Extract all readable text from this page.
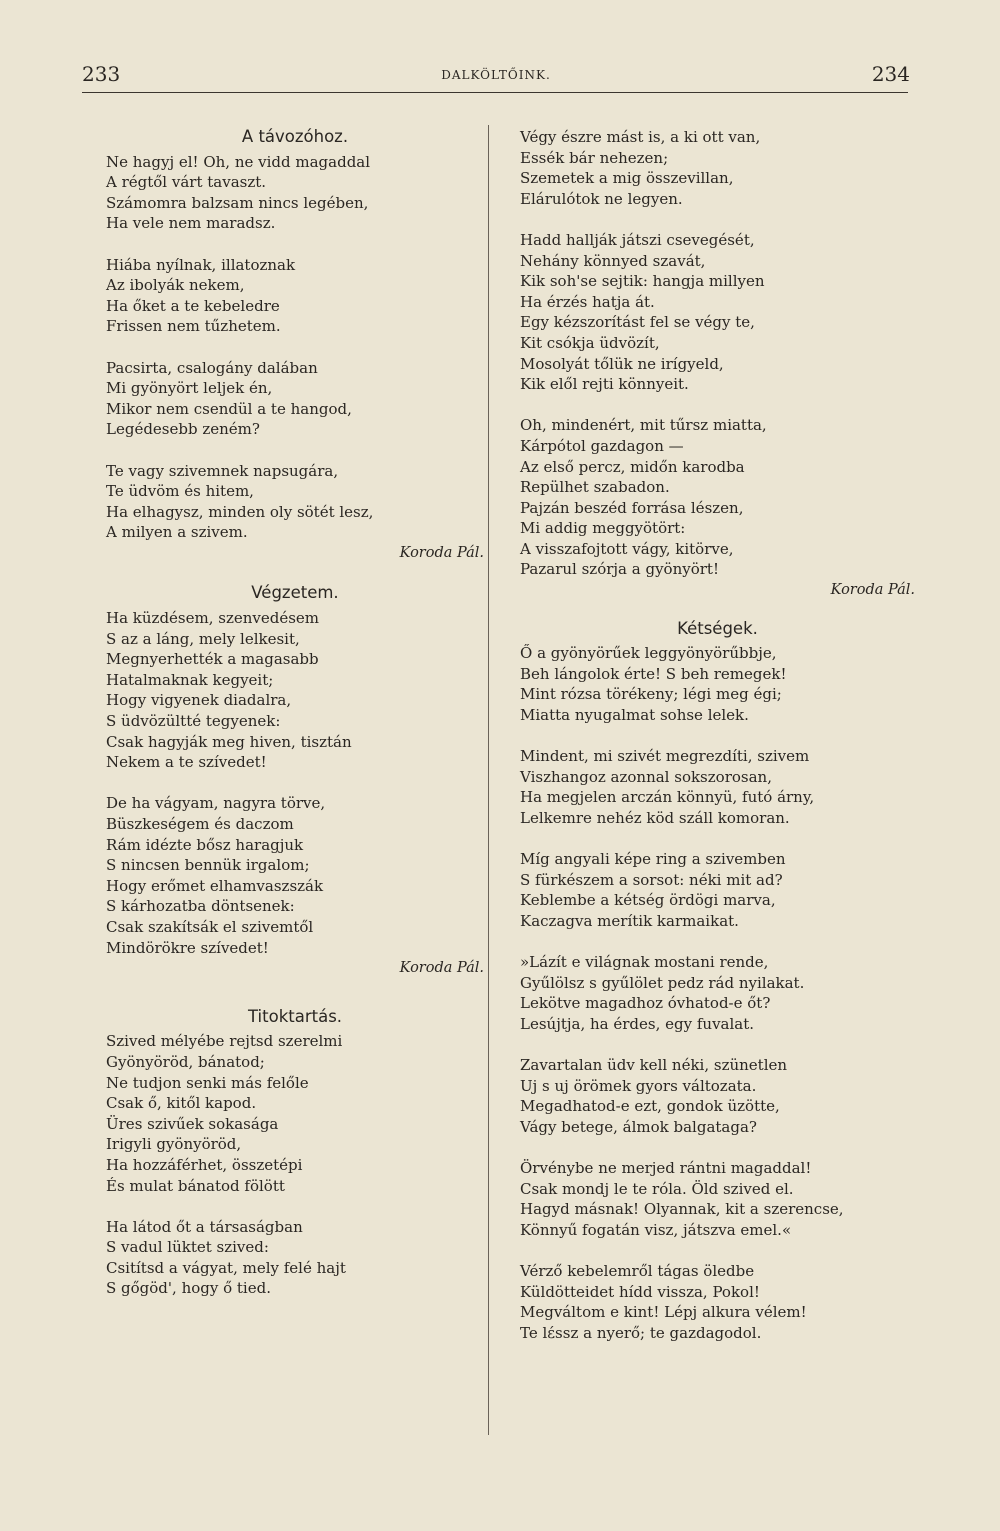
233	DALKÖLTŐINK.	234
A távozóhoz.
Ne hagyj el! Oh, ne vidd magaddal
A régtől várt tavaszt.
Számomra balzsam nincs legében,
Ha vele nem maradsz.
Hiába nyílnak, illatoznak
Az ibolyák nekem,
Ha őket a te kebeledre
Frissen nem tűzhetem.
Pacsirta, csalogány dalában
Mi gyönyört leljek én,
Mikor nem csendül a te hangod,
Legédesebb zeném?
Te vagy szivemnek napsugára,
Te üdvöm és hitem,
Ha elhagysz, minden oly sötét lesz,
A milyen a szivem.
Koroda Pál.
Végzetem.
Ha küzdésem, szenvedésem
S az a láng, mely lelkesit,
Megnyerhették a magasabb
Hatalmaknak kegyeit;
Hogy vigyenek diadalra,
S üdvözültté tegyenek:
Csak hagyják meg hiven, tisztán
Nekem a te szívedet!
De ha vágyam, nagyra törve,
Büszkeségem és daczom
Rám idézte bősz haragjuk
S nincsen bennük irgalom;
Hogy erőmet elhamvaszszák
S kárhozatba döntsenek:
Csak szakítsák el szivemtől
Mindörökre szívedet!
Koroda Pál.
Titoktartás.
Szived mélyébe rejtsd szerelmi
Gyönyöröd, bánatod;
Ne tudjon senki más felőle
Csak ő, kitől kapod.
Üres szivűek sokasága
Irigyli gyönyöröd,
Ha hozzáférhet, összetépi
És mulat bánatod fölött
Ha látod őt a társaságban
S vadul lüktet szived:
Csitítsd a vágyat, mely felé hajt
S gőgöd', hogy ő tied.
Végy észre mást is, a ki ott van,
Essék bár nehezen;
Szemetek a mig összevillan,
Elárulótok ne legyen.
Hadd hallják játszi csevegését,
Nehány könnyed szavát,
Kik soh'se sejtik: hangja millyen
Ha érzés hatja át.
Egy kézszorítást fel se végy te,
Kit csókja üdvözít,
Mosolyát tőlük ne irígyeld,
Kik elől rejti könnyeit.
Oh, mindenért, mit tűrsz miatta,
Kárpótol gazdagon —
Az első percz, midőn karodba
Repülhet szabadon.
Pajzán beszéd forrása lészen,
Mi addig meggyötört:
A visszafojtott vágy, kitörve,
Pazarul szórja a gyönyört!
Koroda Pál.
Kétségek.
Ő a gyönyörűek leggyönyörűbbje,
Beh lángolok érte! S beh remegek!
Mint rózsa törékeny; légi meg égi;
Miatta nyugalmat sohse lelek.
Mindent, mi szivét megrezdíti, szivem
Viszhangoz azonnal sokszorosan,
Ha megjelen arczán könnyü, futó árny,
Lelkemre nehéz köd száll komoran.
Míg angyali képe ring a szivemben
S fürkészem a sorsot: néki mit ad?
Keblembe a kétség ördögi marva,
Kaczagva merítik karmaikat.
»Lázít e világnak mostani rende,
Gyűlölsz s gyűlölet pedz rád nyilakat.
Lekötve magadhoz óvhatod-e őt?
Lesújtja, ha érdes, egy fuvalat.
Zavartalan üdv kell néki, szünetlen
Uj s uj örömek gyors változata.
Megadhatod-e ezt, gondok üzötte,
Vágy betege, álmok balgataga?
Örvénybe ne merjed rántni magaddal!
Csak mondj le te róla. Öld szived el.
Hagyd másnak! Olyannak, kit a szerencse,
Könnyű fogatán visz, játszva emel.«
Vérző kebelemről tágas öledbe
Küldötteidet hídd vissza, Pokol!
Megváltom e kint! Lépj alkura vélem!
Te lέssz a nyerő; te gazdagodol.
